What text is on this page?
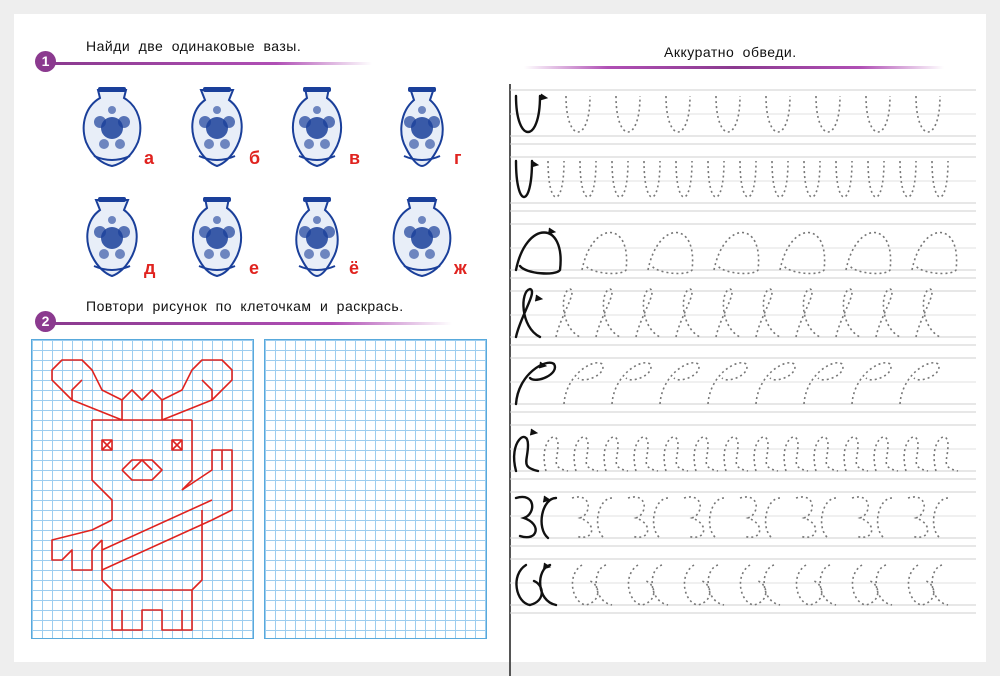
1
Найди две одинаковые вазы.
а	б	в	г
д	е	ё	ж
2
Повтори рисунок по клеточкам и раскрась.
Аккуратно обведи.
